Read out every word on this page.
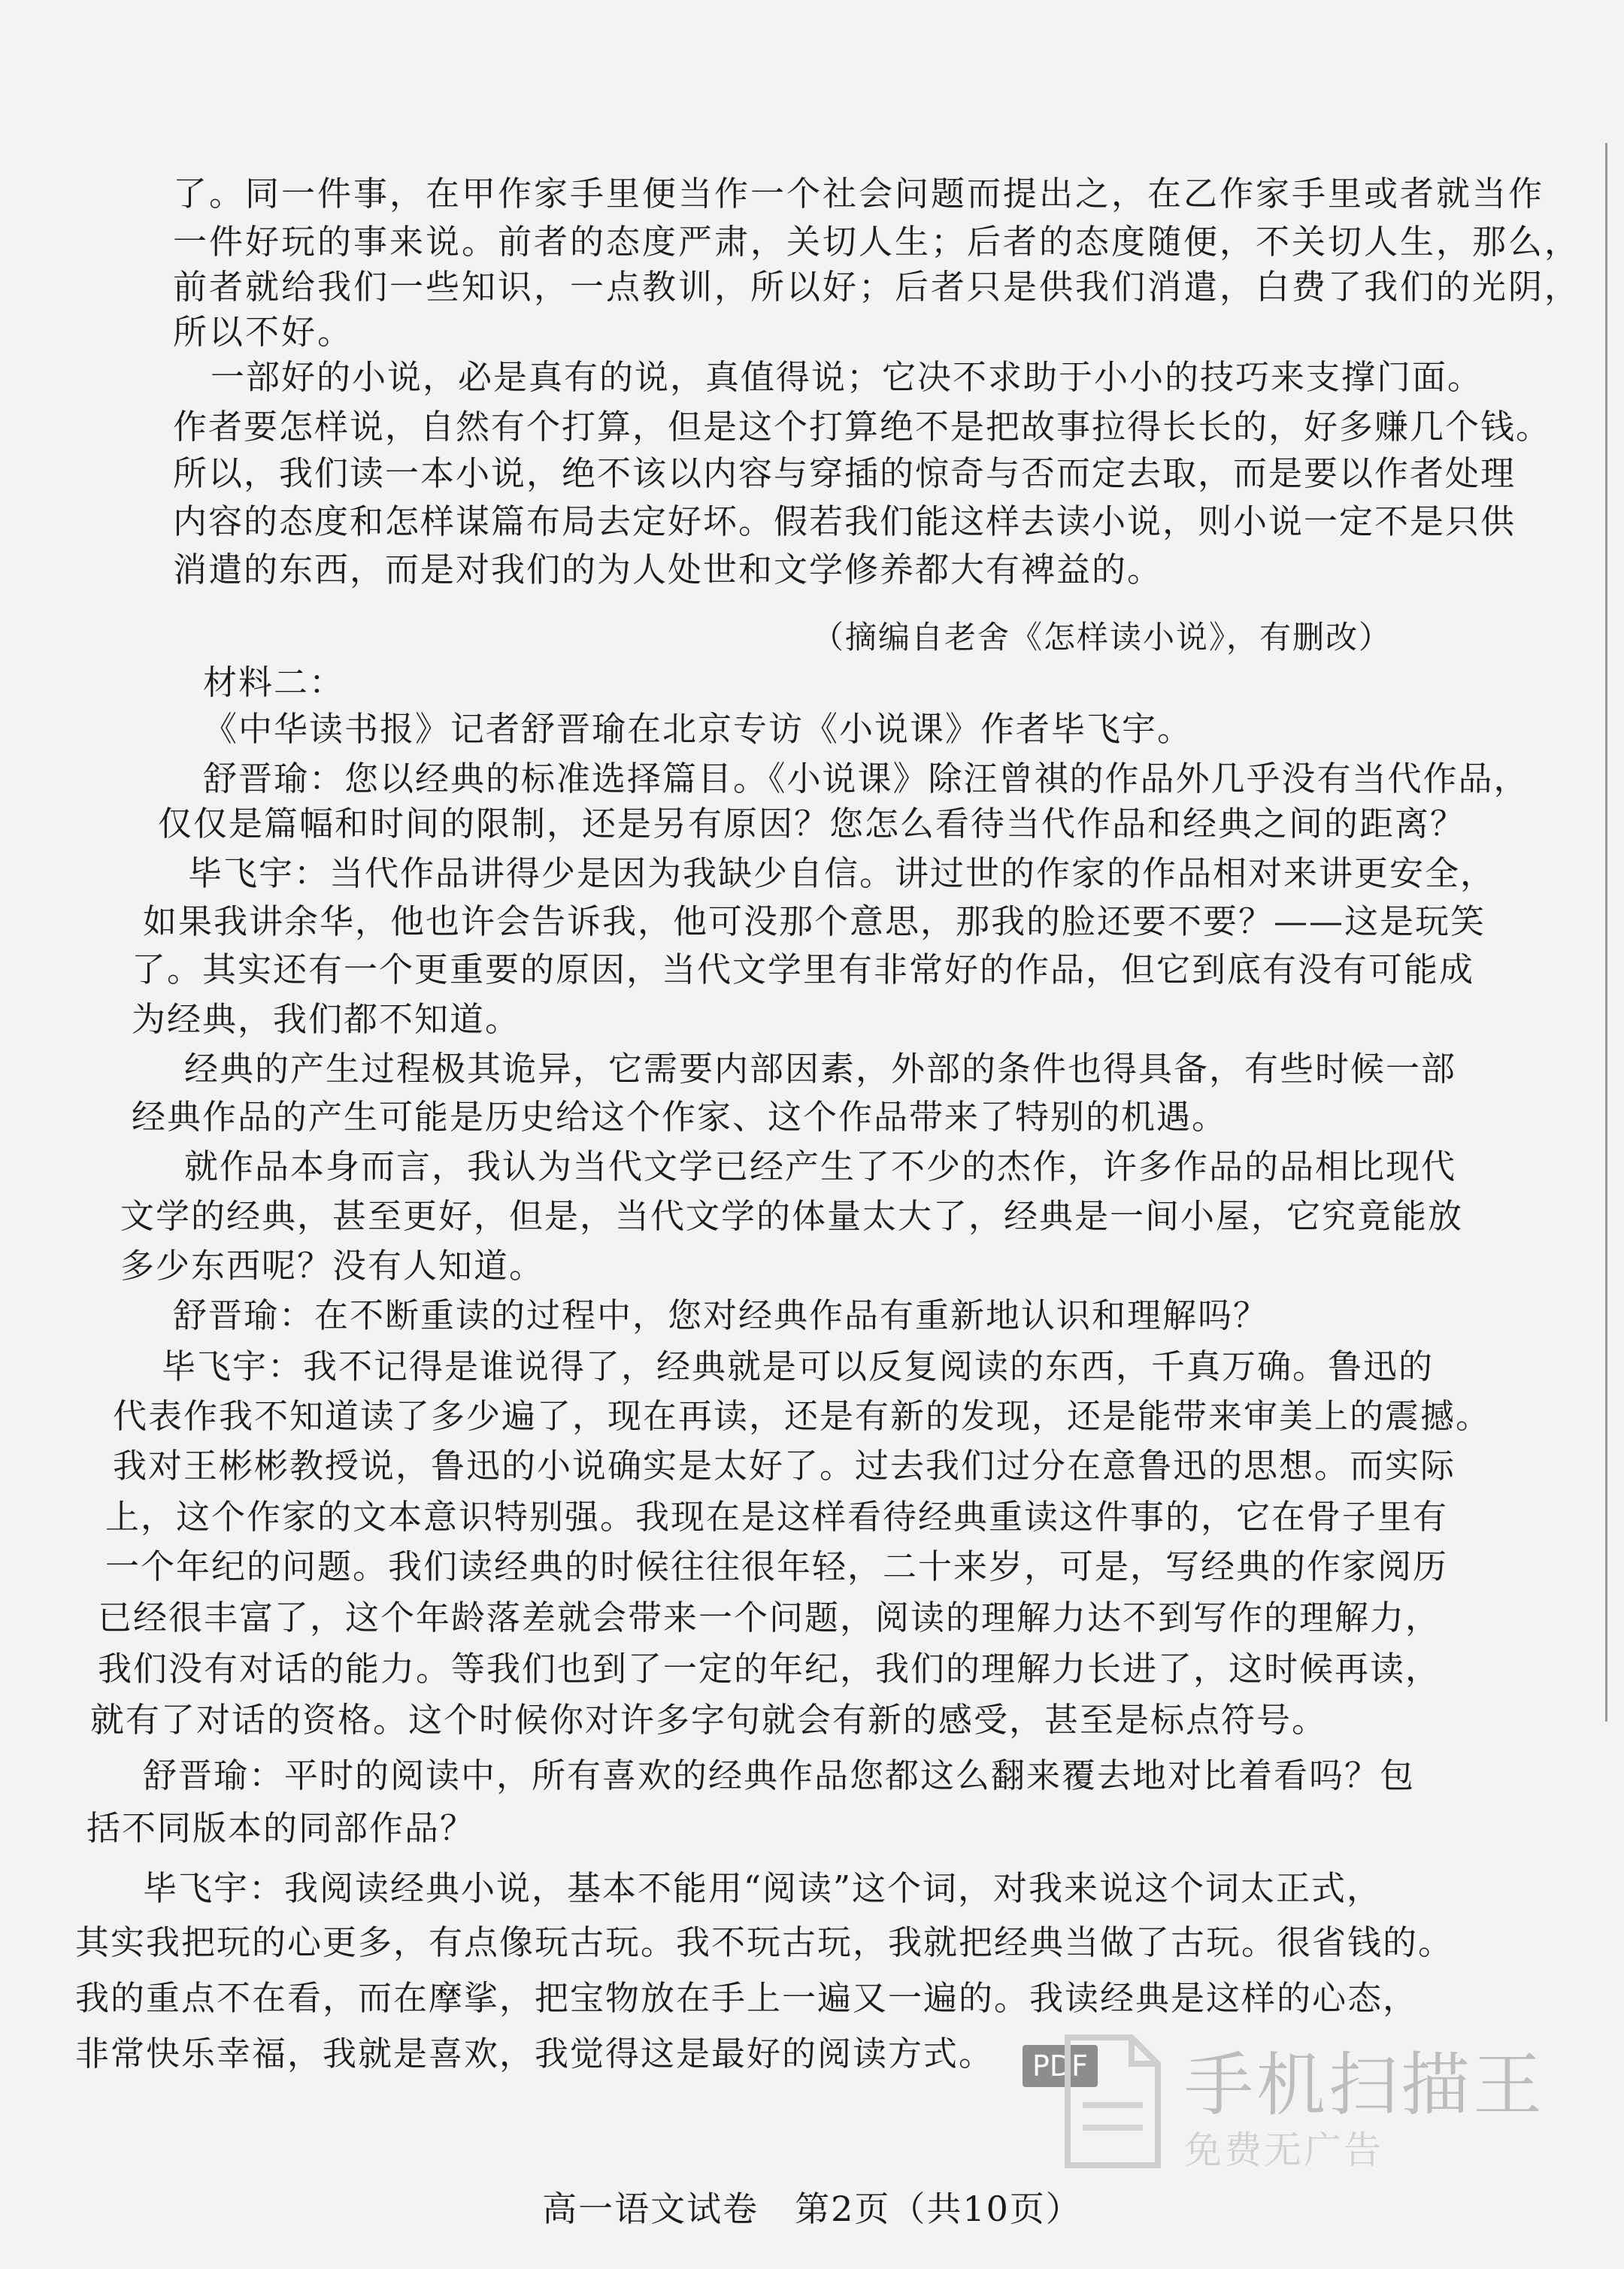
了。同一件事，在甲作家手里便当作一个社会问题而提出之，在乙作家手里或者就当作
一件好玩的事来说。前者的态度严肃，关切人生；后者的态度随便，不关切人生，那么，
前者就给我们一些知识，一点教训，所以好；后者只是供我们消遣，白费了我们的光阴，
所以不好。
一部好的小说，必是真有的说，真值得说；它决不求助于小小的技巧来支撑门面。
作者要怎样说，自然有个打算，但是这个打算绝不是把故事拉得长长的，好多赚几个钱。
所以，我们读一本小说，绝不该以内容与穿插的惊奇与否而定去取，而是要以作者处理
内容的态度和怎样谋篇布局去定好坏。假若我们能这样去读小说，则小说一定不是只供
消遣的东西，而是对我们的为人处世和文学修养都大有裨益的。
（摘编自老舍《怎样读小说》，有删改）
材料二：
《中华读书报》记者舒晋瑜在北京专访《小说课》作者毕飞宇。
舒晋瑜：您以经典的标准选择篇目。《小说课》除汪曾祺的作品外几乎没有当代作品，
仅仅是篇幅和时间的限制，还是另有原因？您怎么看待当代作品和经典之间的距离？
毕飞宇：当代作品讲得少是因为我缺少自信。讲过世的作家的作品相对来讲更安全，
如果我讲余华，他也许会告诉我，他可没那个意思，那我的脸还要不要？——这是玩笑
了。其实还有一个更重要的原因，当代文学里有非常好的作品，但它到底有没有可能成
为经典，我们都不知道。
经典的产生过程极其诡异，它需要内部因素，外部的条件也得具备，有些时候一部
经典作品的产生可能是历史给这个作家、这个作品带来了特别的机遇。
就作品本身而言，我认为当代文学已经产生了不少的杰作，许多作品的品相比现代
文学的经典，甚至更好，但是，当代文学的体量太大了，经典是一间小屋，它究竟能放
多少东西呢？没有人知道。
舒晋瑜：在不断重读的过程中，您对经典作品有重新地认识和理解吗？
毕飞宇：我不记得是谁说得了，经典就是可以反复阅读的东西，千真万确。鲁迅的
代表作我不知道读了多少遍了，现在再读，还是有新的发现，还是能带来审美上的震撼。
我对王彬彬教授说，鲁迅的小说确实是太好了。过去我们过分在意鲁迅的思想。而实际
上，这个作家的文本意识特别强。我现在是这样看待经典重读这件事的，它在骨子里有
一个年纪的问题。我们读经典的时候往往很年轻，二十来岁，可是，写经典的作家阅历
已经很丰富了，这个年龄落差就会带来一个问题，阅读的理解力达不到写作的理解力，
我们没有对话的能力。等我们也到了一定的年纪，我们的理解力长进了，这时候再读，
就有了对话的资格。这个时候你对许多字句就会有新的感受，甚至是标点符号。
舒晋瑜：平时的阅读中，所有喜欢的经典作品您都这么翻来覆去地对比着看吗？包
括不同版本的同部作品？
毕飞宇：我阅读经典小说，基本不能用“阅读”这个词，对我来说这个词太正式，
其实我把玩的心更多，有点像玩古玩。我不玩古玩，我就把经典当做了古玩。很省钱的。
我的重点不在看，而在摩挲，把宝物放在手上一遍又一遍的。我读经典是这样的心态，
非常快乐幸福，我就是喜欢，我觉得这是最好的阅读方式。	PDF 手机扫描王
免费无广告
高一语文试卷　第2页（共10页）
